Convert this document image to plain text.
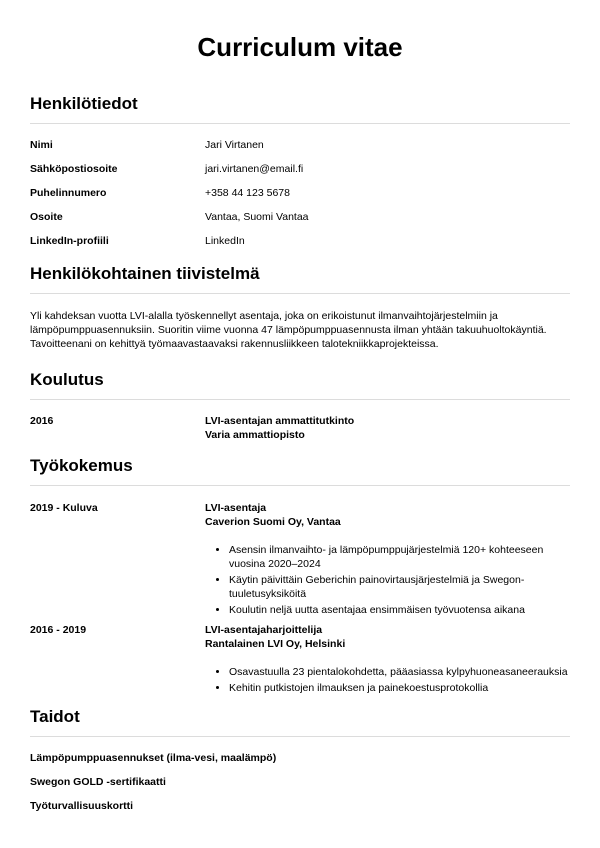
Curriculum vitae
Henkilötiedot
Nimi	Jari Virtanen
Sähköpostiosoite	jari.virtanen@email.fi
Puhelinnumero	+358 44 123 5678
Osoite	Vantaa, Suomi Vantaa
LinkedIn-profiili	LinkedIn
Henkilökohtainen tiivistelmä

Yli kahdeksan vuotta LVI-alalla työskennellyt asentaja, joka on erikoistunut ilmanvaihtojärjestelmiin ja lämpöpumppuasennuksiin. Suoritin viime vuonna 47 lämpöpumppuasennusta ilman yhtään takuuhuoltokäyntiä. Tavoitteenani on kehittyä työmaavastaavaksi rakennusliikkeen talotekniikkaprojekteissa.

Koulutus
2016	LVI-asentajan ammattitutkinto
Varia ammattiopisto
Työkokemus
2019 - Kuluva	LVI-asentaja
Caverion Suomi Oy, Vantaa
• Asensin ilmanvaihto- ja lämpöpumppujärjestelmiä 120+ kohteeseen vuosina 2020–2024
• Käytin päivittäin Geberichin painovirtausjärjestelmiä ja Swegon-tuuletusyksiköitä
• Koulutin neljä uutta asentajaa ensimmäisen työvuotensa aikana
2016 - 2019	LVI-asentajaharjoittelija
Rantalainen LVI Oy, Helsinki
• Osavastuulla 23 pientalokohdetta, pääasiassa kylpyhuoneasaneerauksia
• Kehitin putkistojen ilmauksen ja painekoestusprotokollia
Taidot
Lämpöpumppuasennukset (ilma-vesi, maalämpö)
Swegon GOLD -sertifikaatti
Työturvallisuuskortti
